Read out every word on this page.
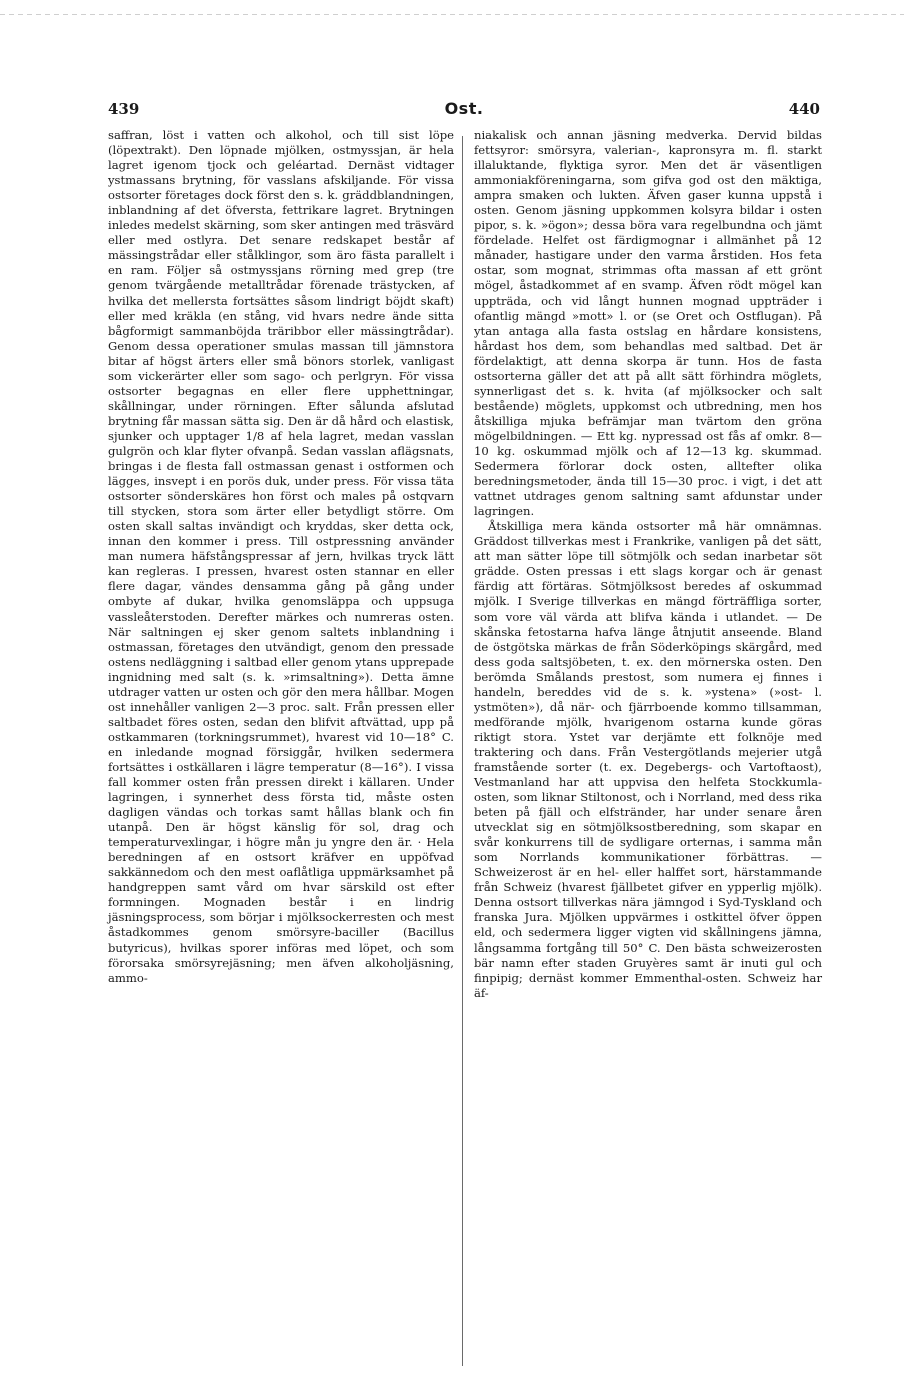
439	Ost.	440

saffran, löst i vatten och alkohol, och till sist löpe (löpextrakt). Den löpnade mjölken, ostmyssjan, är hela lagret igenom tjock och geléartad. Dernäst vidtager ystmassans brytning, för vasslans afskiljande. För vissa ostsorter företages dock först den s. k. gräddblandningen, inblandning af det öfversta, fettrikare lagret. Brytningen inledes medelst skärning, som sker antingen med träsvärd eller med ostlyra. Det senare redskapet består af mässingstrådar eller stålklingor, som äro fästa parallelt i en ram. Följer så ostmyssjans rörning med grep (tre genom tvärgående metalltrådar förenade trästycken, af hvilka det mellersta fortsättes såsom lindrigt böjdt skaft) eller med kräkla (en stång, vid hvars nedre ände sitta bågformigt sammanböjda träribbor eller mässingtrådar). Genom dessa operationer smulas massan till jämnstora bitar af högst ärters eller små bönors storlek, vanligast som vickerärter eller som sago- och perlgryn. För vissa ostsorter begagnas en eller flere upphettningar, skållningar, under rörningen. Efter sålunda afslutad brytning får massan sätta sig. Den är då hård och elastisk, sjunker och upptager 1/8 af hela lagret, medan vasslan gulgrön och klar flyter ofvanpå. Sedan vasslan aflägsnats, bringas i de flesta fall ostmassan genast i ostformen och lägges, insvept i en porös duk, under press. För vissa täta ostsorter sönderskäres hon först och males på ostqvarn till stycken, stora som ärter eller betydligt större. Om osten skall saltas invändigt och kryddas, sker detta ock, innan den kommer i press. Till ostpressning använder man numera häfstångspressar af jern, hvilkas tryck lätt kan regleras. I pressen, hvarest osten stannar en eller flere dagar, vändes densamma gång på gång under ombyte af dukar, hvilka genomsläppa och uppsuga vassleåterstoden. Derefter märkes och numreras osten. När saltningen ej sker genom saltets inblandning i ostmassan, företages den utvändigt, genom den pressade ostens nedläggning i saltbad eller genom ytans upprepade ingnidning med salt (s. k. »rimsaltning»). Detta ämne utdrager vatten ur osten och gör den mera hållbar. Mogen ost innehåller vanligen 2—3 proc. salt. Från pressen eller saltbadet föres osten, sedan den blifvit aftvättad, upp på ostkammaren (torkningsrummet), hvarest vid 10—18° C. en inledande mognad försiggår, hvilken sedermera fortsättes i ostkällaren i lägre temperatur (8—16°). I vissa fall kommer osten från pressen direkt i källaren. Under lagringen, i synnerhet dess första tid, måste osten dagligen vändas och torkas samt hållas blank och fin utanpå. Den är högst känslig för sol, drag och temperaturvexlingar, i högre mån ju yngre den är. · Hela beredningen af en ostsort kräfver en uppöfvad sakkännedom och den mest oaflåtliga uppmärksamhet på handgreppen samt vård om hvar särskild ost efter formningen. Mognaden består i en lindrig jäsningsprocess, som börjar i mjölksockerresten och mest åstadkommes genom smörsyre-baciller (Bacillus butyricus), hvilkas sporer införas med löpet, och som förorsaka smörsyrejäsning; men äfven alkoholjäsning, ammo-

niakalisk och annan jäsning medverka. Dervid bildas fettsyror: smörsyra, valerian-, kapronsyra m. fl. starkt illaluktande, flyktiga syror. Men det är väsentligen ammoniakföreningarna, som gifva god ost den mäktiga, ampra smaken och lukten. Äfven gaser kunna uppstå i osten. Genom jäsning uppkommen kolsyra bildar i osten pipor, s. k. »ögon»; dessa böra vara regelbundna och jämt fördelade. Helfet ost färdigmognar i allmänhet på 12 månader, hastigare under den varma årstiden. Hos feta ostar, som mognat, strimmas ofta massan af ett grönt mögel, åstadkommet af en svamp. Äfven rödt mögel kan uppträda, och vid långt hunnen mognad uppträder i ofantlig mängd »mott» l. or (se Oret och Ostflugan). På ytan antaga alla fasta ostslag en hårdare konsistens, hårdast hos dem, som behandlas med saltbad. Det är fördelaktigt, att denna skorpa är tunn. Hos de fasta ostsorterna gäller det att på allt sätt förhindra möglets, synnerligast det s. k. hvita (af mjölksocker och salt bestående) möglets, uppkomst och utbredning, men hos åtskilliga mjuka befrämjar man tvärtom den gröna mögelbildningen. — Ett kg. nypressad ost fås af omkr. 8—10 kg. oskummad mjölk och af 12—13 kg. skummad. Sedermera förlorar dock osten, alltefter olika beredningsmetoder, ända till 15—30 proc. i vigt, i det att vattnet utdrages genom saltning samt afdunstar under lagringen.

Åtskilliga mera kända ostsorter må här omnämnas. Gräddost tillverkas mest i Frankrike, vanligen på det sätt, att man sätter löpe till sötmjölk och sedan inarbetar söt grädde. Osten pressas i ett slags korgar och är genast färdig att förtäras. Sötmjölksost beredes af oskummad mjölk. I Sverige tillverkas en mängd förträffliga sorter, som vore väl värda att blifva kända i utlandet. — De skånska fetostarna hafva länge åtnjutit anseende. Bland de östgötska märkas de från Söderköpings skärgård, med dess goda saltsjöbeten, t. ex. den mörnerska osten. Den berömda Smålands prestost, som numera ej finnes i handeln, bereddes vid de s. k. »ystena» (»ost- l. ystmöten»), då när- och fjärrboende kommo tillsamman, medförande mjölk, hvarigenom ostarna kunde göras riktigt stora. Ystet var derjämte ett folknöje med traktering och dans. Från Vestergötlands mejerier utgå framstående sorter (t. ex. Degebergs- och Vartoftaost), Vestmanland har att uppvisa den helfeta Stockkumla-osten, som liknar Stiltonost, och i Norrland, med dess rika beten på fjäll och elfstränder, har under senare åren utvecklat sig en sötmjölksostberedning, som skapar en svår konkurrens till de sydligare orternas, i samma mån som Norrlands kommunikationer förbättras. — Schweizerost är en hel- eller halffet sort, härstammande från Schweiz (hvarest fjällbetet gifver en ypperlig mjölk). Denna ostsort tillverkas nära jämngod i Syd-Tyskland och franska Jura. Mjölken uppvärmes i ostkittel öfver öppen eld, och sedermera ligger vigten vid skållningens jämna, långsamma fortgång till 50° C. Den bästa schweizerosten bär namn efter staden Gruyères samt är inuti gul och finpipig; dernäst kommer Emmenthal-osten. Schweiz har äf-
